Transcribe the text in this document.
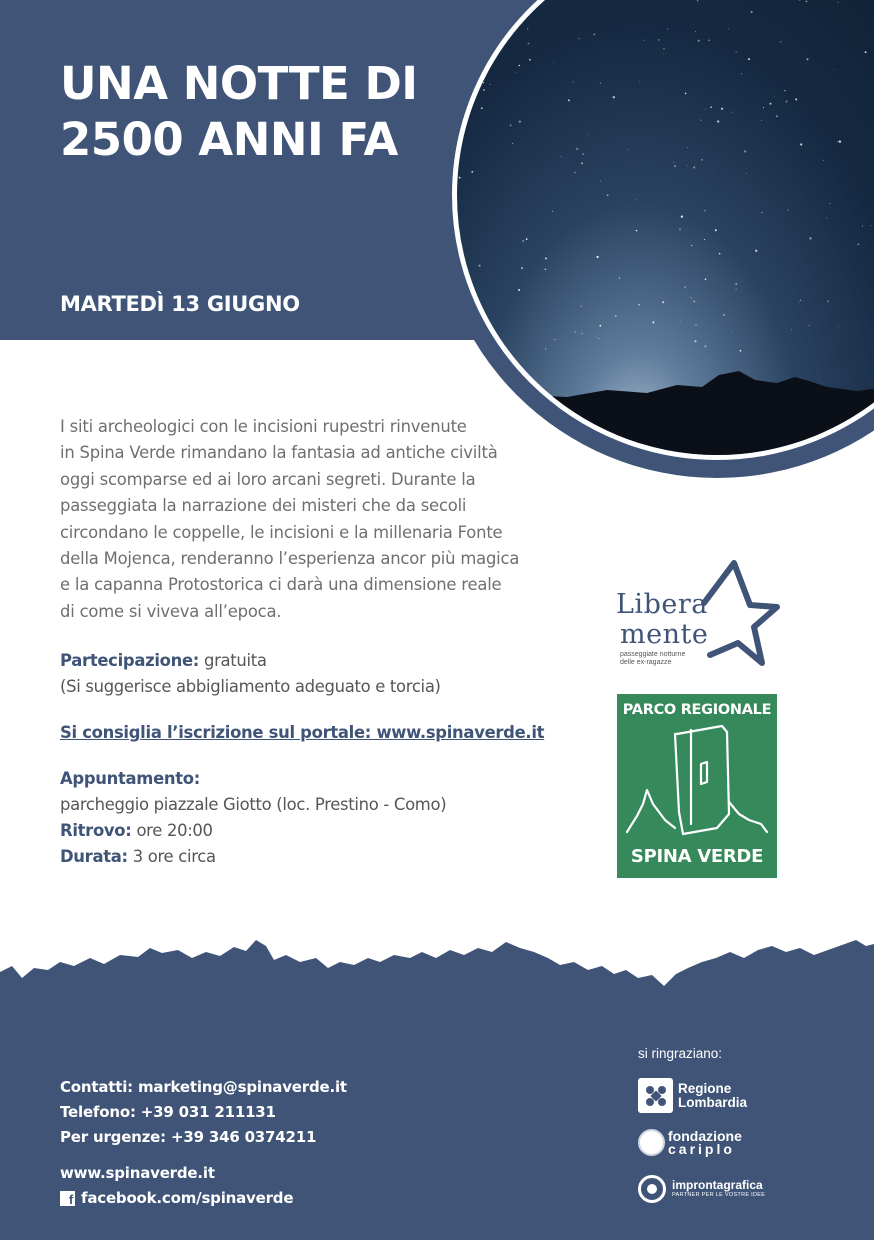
UNA NOTTE DI
2500 ANNI FA
MARTEDÌ 13 GIUGNO
I siti archeologici con le incisioni rupestri rinvenute
in Spina Verde rimandano la fantasia ad antiche civiltà
oggi scomparse ed ai loro arcani segreti. Durante la
passeggiata la narrazione dei misteri che da secoli
circondano le coppelle, le incisioni e la millenaria Fonte
della Mojenca, renderanno l’esperienza ancor più magica
e la capanna Protostorica ci darà una dimensione reale
di come si viveva all’epoca.
Partecipazione: gratuita
(Si suggerisce abbigliamento adeguato e torcia)
Si consiglia l’iscrizione sul portale: www.spinaverde.it
Appuntamento:
parcheggio piazzale Giotto (loc. Prestino - Como)
Ritrovo: ore 20:00
Durata: 3 ore circa
Libera
mente
passeggiate notturne
delle ex-ragazze
PARCO REGIONALE
SPINA VERDE
Contatti: marketing@spinaverde.it
Telefono: +39 031 211131
Per urgenze: +39 346 0374211
www.spinaverde.it
f facebook.com/spinaverde
si ringraziano:
Regione
Lombardia
fondazione
cariplo
improntagrafica
PARTNER PER LE VOSTRE IDEE
